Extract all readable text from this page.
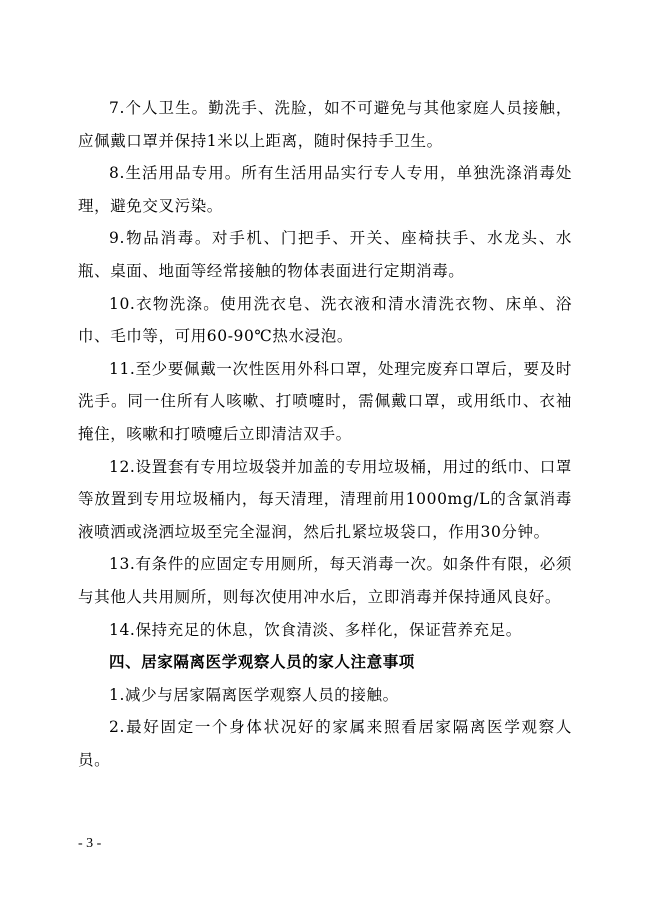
7.个人卫生。勤洗手、洗脸，如不可避免与其他家庭人员接触，应佩戴口罩并保持1米以上距离，随时保持手卫生。

8.生活用品专用。所有生活用品实行专人专用，单独洗涤消毒处理，避免交叉污染。

9.物品消毒。对手机、门把手、开关、座椅扶手、水龙头、水瓶、桌面、地面等经常接触的物体表面进行定期消毒。

10.衣物洗涤。使用洗衣皂、洗衣液和清水清洗衣物、床单、浴巾、毛巾等，可用60-90℃热水浸泡。

11.至少要佩戴一次性医用外科口罩，处理完废弃口罩后，要及时洗手。同一住所有人咳嗽、打喷嚏时，需佩戴口罩，或用纸巾、衣袖掩住，咳嗽和打喷嚏后立即清洁双手。

12.设置套有专用垃圾袋并加盖的专用垃圾桶，用过的纸巾、口罩等放置到专用垃圾桶内，每天清理，清理前用1000mg/L的含氯消毒液喷洒或浇洒垃圾至完全湿润，然后扎紧垃圾袋口，作用30分钟。

13.有条件的应固定专用厕所，每天消毒一次。如条件有限，必须与其他人共用厕所，则每次使用冲水后，立即消毒并保持通风良好。

14.保持充足的休息，饮食清淡、多样化，保证营养充足。

四、居家隔离医学观察人员的家人注意事项

1.减少与居家隔离医学观察人员的接触。

2.最好固定一个身体状况好的家属来照看居家隔离医学观察人员。

- 3 -
